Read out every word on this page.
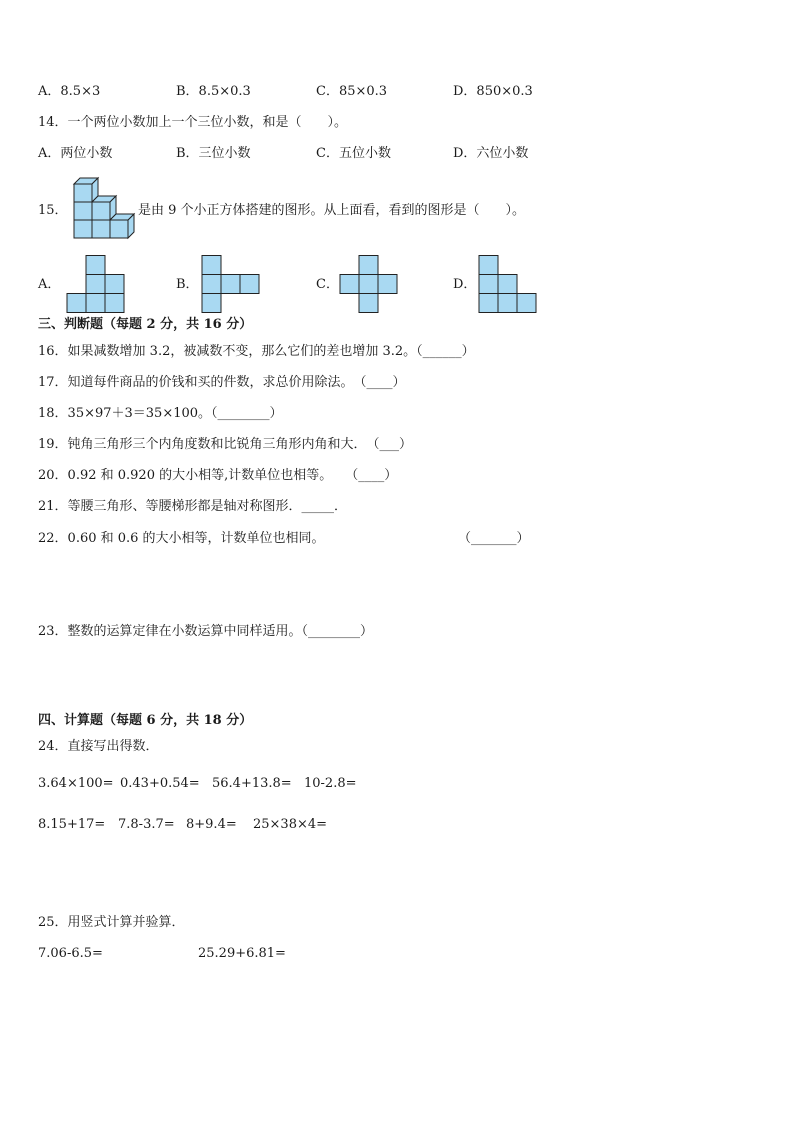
A．8.5×3	B．8.5×0.3	C．85×0.3	D．850×0.3
14．一个两位小数加上一个三位小数，和是（　　）。
A．两位小数	B．三位小数	C．五位小数	D．六位小数
15．	是由 9 个小正方体搭建的图形。从上面看，看到的图形是（　　）。
A．	B．	C．	D．
三、判断题（每题 2 分，共 16 分）
16．如果减数增加 3.2，被减数不变，那么它们的差也增加 3.2。（______）
17．知道每件商品的价钱和买的件数，求总价用除法。　（____）
18．35×97＋3＝35×100。（________）
19．钝角三角形三个内角度数和比锐角三角形内角和大．　（___）
20．0.92 和 0.920 的大小相等,计数单位也相等。　　（____）
21．等腰三角形、等腰梯形都是轴对称图形．_____．
22．0.60 和 0.6 的大小相等，计数单位也相同。	（_______）
23．整数的运算定律在小数运算中同样适用。（________）
四、计算题（每题 6 分，共 18 分）
24．直接写出得数．
3.64×100= 0.43+0.54= 56.4+13.8= 10-2.8=
8.15+17= 7.8-3.7= 8+9.4= 25×38×4=
25．用竖式计算并验算．
7.06-6.5=	25.29+6.81=
